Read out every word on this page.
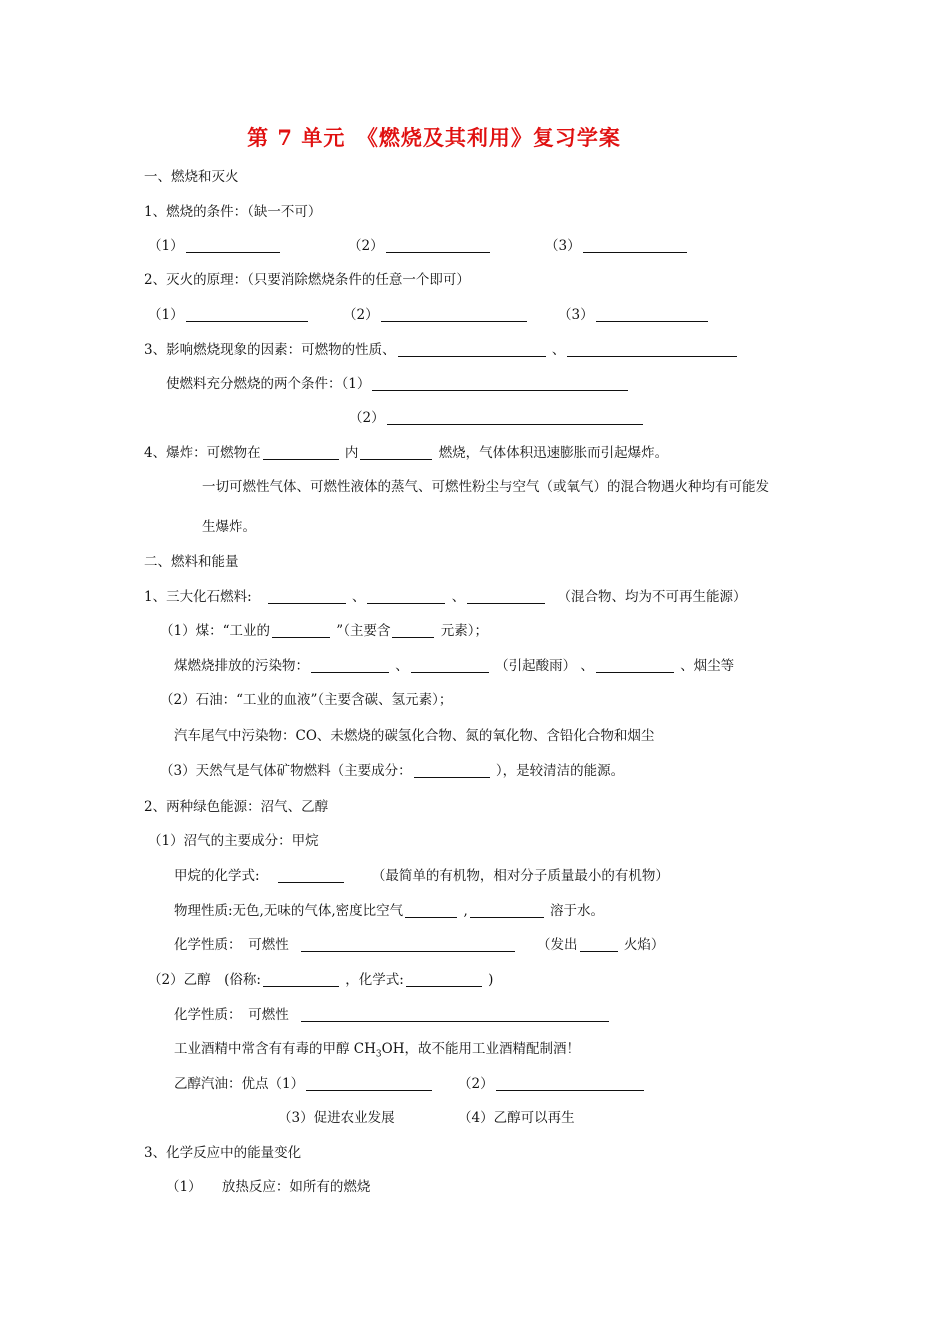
第 7 单元　《燃烧及其利用》复习学案
一、燃烧和灭火
1、燃烧的条件：（缺一不可）
（1）	（2）	（3）
2、灭火的原理：（只要消除燃烧条件的任意一个即可）
（1）	（2）	（3）
3、影响燃烧现象的因素：可燃物的性质、	、
使燃料充分燃烧的两个条件：（1）
（2）
4、爆炸：可燃物在	内	燃烧，气体体积迅速膨胀而引起爆炸。
一切可燃性气体、可燃性液体的蒸气、可燃性粉尘与空气（或氧气）的混合物遇火种均有可能发
生爆炸。
二、燃料和能量
1、三大化石燃料:	、	、	（混合物、均为不可再生能源）
（1）煤：“工业的	”（主要含	元素）；
煤燃烧排放的污染物：	、	（引起酸雨） 、	、烟尘等
（2）石油：“工业的血液”（主要含碳、氢元素）；
汽车尾气中污染物：CO、未燃烧的碳氢化合物、氮的氧化物、含铅化合物和烟尘
（3）天然气是气体矿物燃料（主要成分：	），是较清洁的能源。
2、两种绿色能源：沼气、乙醇
（1）沼气的主要成分：甲烷
甲烷的化学式:	（最简单的有机物，相对分子质量最小的有机物）
物理性质:无色,无味的气体,密度比空气	,	溶于水。
化学性质：　可燃性	（发出	火焰）
（2）乙醇　(俗称:	，化学式:	)
化学性质：　可燃性
工业酒精中常含有有毒的甲醇 $CH_3OH$，故不能用工业酒精配制酒！
乙醇汽油：优点（1）	（2）
（3）促进农业发展	（4）乙醇可以再生
3、化学反应中的能量变化
（1）　　放热反应：如所有的燃烧
